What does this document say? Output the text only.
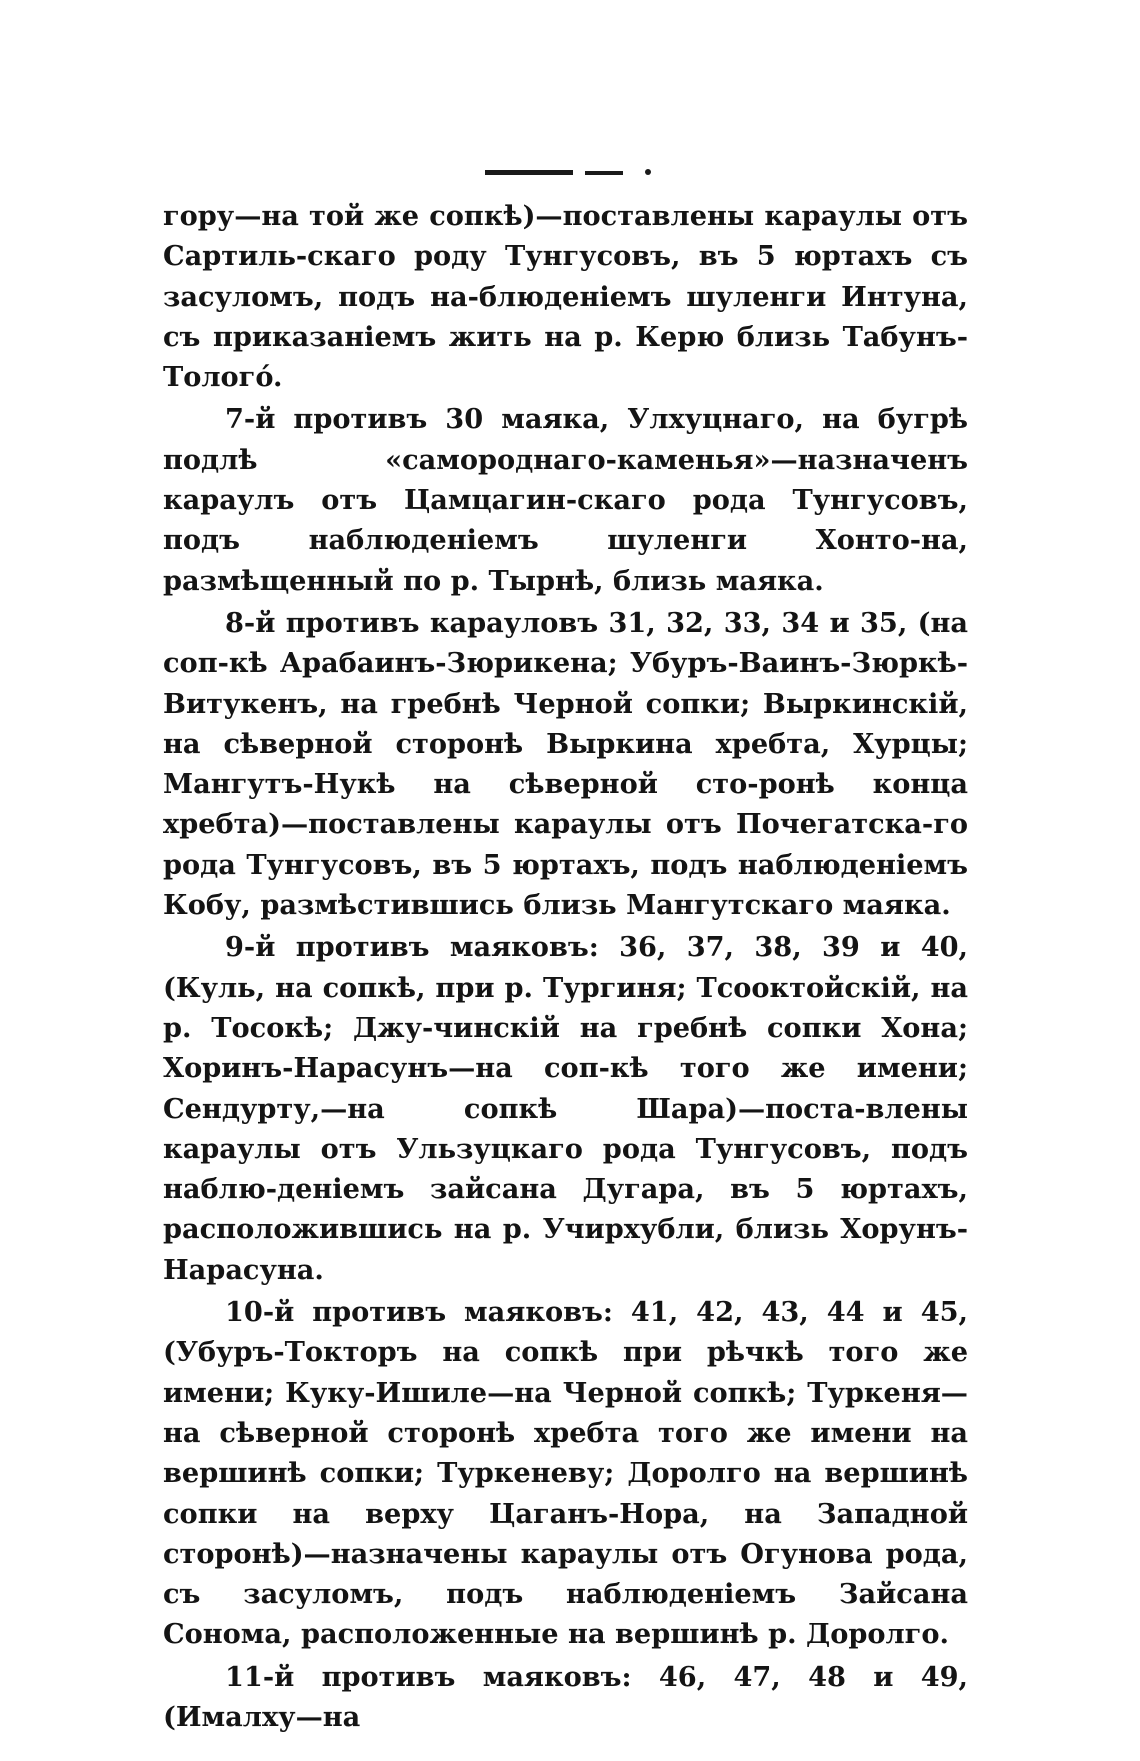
гору—на той же сопкѣ)—поставлены караулы отъ Сартиль-скаго роду Тунгусовъ, въ 5 юртахъ съ засуломъ, подъ на-блюденіемъ шуленги Интуна, съ приказаніемъ жить на р. Керю близь Табунъ-Тологó.

7-й противъ 30 маяка, Улхуцнаго, на бугрѣ подлѣ «самороднаго-каменья»—назначенъ караулъ отъ Цамцагин-скаго рода Тунгусовъ, подъ наблюденіемъ шуленги Хонто-на, размѣщенный по р. Тырнѣ, близь маяка.

8-й противъ карауловъ 31, 32, 33, 34 и 35, (на соп-кѣ Арабаинъ-Зюрикена; Убуръ-Ваинъ-Зюркѣ-Витукенъ, на гребнѣ Черной сопки; Выркинскій, на сѣверной сторонѣ Выркина хребта, Хурцы; Мангутъ-Нукѣ на сѣверной сто-ронѣ конца хребта)—поставлены караулы отъ Почегатска-го рода Тунгусовъ, въ 5 юртахъ, подъ наблюденіемъ Кобу, размѣстившись близь Мангутскаго маяка.

9-й противъ маяковъ: 36, 37, 38, 39 и 40, (Куль, на сопкѣ, при р. Тургиня; Тсооктойскій, на р. Тосокѣ; Джу-чинскій на гребнѣ сопки Хона; Хоринъ-Нарасунъ—на соп-кѣ того же имени; Сендурту,—на сопкѣ Шара)—поста-влены караулы отъ Ульзуцкаго рода Тунгусовъ, подъ наблю-деніемъ зайсана Дугара, въ 5 юртахъ, расположившись на р. Учирхубли, близь Хорунъ-Нарасуна.

10-й противъ маяковъ: 41, 42, 43, 44 и 45, (Убуръ-Токторъ на сопкѣ при рѣчкѣ того же имени; Куку-Ишиле—на Черной сопкѣ; Туркеня—на сѣверной сторонѣ хребта того же имени на вершинѣ сопки; Туркеневу; Доролго на вершинѣ сопки на верху Цаганъ-Нора, на Западной сторонѣ)—назначены караулы отъ Огунова рода, съ засуломъ, подъ наблюденіемъ Зайсана Сонома, расположенные на вершинѣ р. Доролго.

11-й противъ маяковъ: 46, 47, 48 и 49, (Ималху—на
